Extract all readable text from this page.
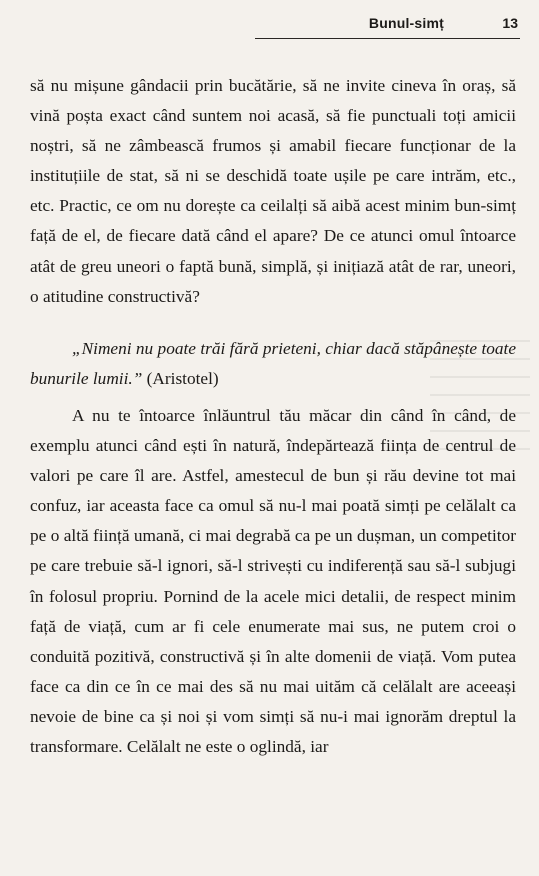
Bunul-simț	13

să nu mișune gândacii prin bucătărie, să ne invite cineva în oraș, să vină poșta exact când suntem noi acasă, să fie punctuali toți amicii noștri, să ne zâmbească frumos și amabil fiecare funcționar de la instituțiile de stat, să ni se deschidă toate ușile pe care intrăm, etc., etc. Practic, ce om nu dorește ca ceilalți să aibă acest minim bun-simț față de el, de fiecare dată când el apare? De ce atunci omul întoarce atât de greu uneori o faptă bună, simplă, și inițiază atât de rar, uneori, o atitudine constructivă?

„Nimeni nu poate trăi fără prieteni, chiar dacă stăpânește toate bunurile lumii.” (Aristotel)

A nu te întoarce înlăuntrul tău măcar din când în când, de exemplu atunci când ești în natură, îndepărtează ființa de centrul de valori pe care îl are. Astfel, amestecul de bun și rău devine tot mai confuz, iar aceasta face ca omul să nu-l mai poată simți pe celălalt ca pe o altă ființă umană, ci mai degrabă ca pe un dușman, un competitor pe care trebuie să-l ignori, să-l strivești cu indiferență sau să-l subjugi în folosul propriu. Pornind de la acele mici detalii, de respect minim față de viață, cum ar fi cele enumerate mai sus, ne putem croi o conduită pozitivă, constructivă și în alte domenii de viață. Vom putea face ca din ce în ce mai des să nu mai uităm că celălalt are aceeași nevoie de bine ca și noi și vom simți să nu-i mai ignorăm dreptul la transformare. Celălalt ne este o oglindă, iar
